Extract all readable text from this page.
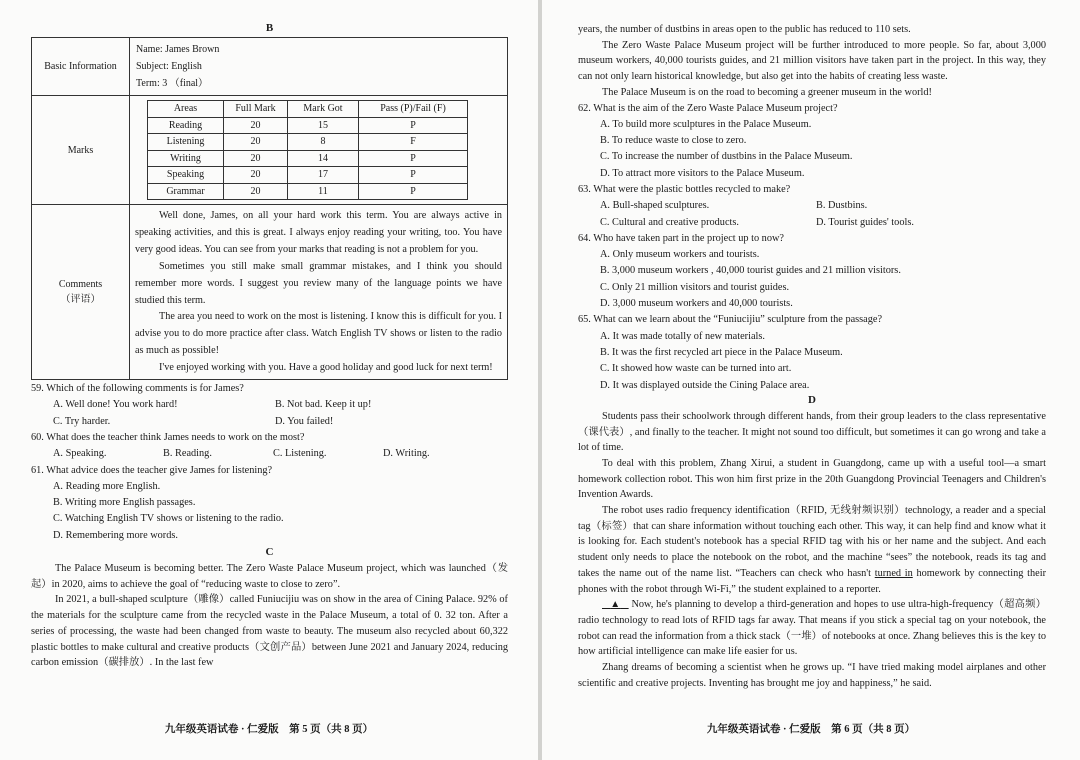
B
Basic Information	
Name: James Brown
Subject: English
Term: 3 （final）

Marks	
Areas	Full Mark	Mark Got	Pass (P)/Fail (F)
Reading	20	15	P
Listening	20	8	F
Writing	20	14	P
Speaking	20	17	P
Grammar	20	11	P

Comments
（评语）

Well done, James, on all your hard work this term. You are always active in speaking activities, and this is great. I always enjoy reading your writing, too. You have very good ideas. You can see from your marks that reading is not a problem for you.

Sometimes you still make small grammar mistakes, and I think you should remember more words. I suggest you review many of the language points we have studied this term.

The area you need to work on the most is listening. I know this is difficult for you. I advise you to do more practice after class. Watch English TV shows or listen to the radio as much as possible!

I've enjoyed working with you. Have a good holiday and good luck for next term!

59. Which of the following comments is for James?
A. Well done! You work hard!	B. Not bad. Keep it up!
C. Try harder.	D. You failed!
60. What does the teacher think James needs to work on the most?
A. Speaking.	B. Reading.	C. Listening.	D. Writing.
61. What advice does the teacher give James for listening?
A. Reading more English.
B. Writing more English passages.
C. Watching English TV shows or listening to the radio.
D. Remembering more words.
C

The Palace Museum is becoming better. The Zero Waste Palace Museum project, which was launched（发起）in 2020, aims to achieve the goal of “reducing waste to close to zero”.

In 2021, a bull-shaped sculpture（雕像）called Funiucijiu was on show in the area of Cining Palace. 92% of the materials for the sculpture came from the recycled waste in the Palace Museum, a total of 0. 32 ton. After a series of processing, the waste had been changed from waste to beauty. The museum also recycled about 60,322 plastic bottles to make cultural and creative products（文创产品）between June 2021 and January 2024, reducing carbon emission（碳排放）. In the last few

九年级英语试卷 · 仁爱版　第 5 页（共 8 页）

years, the number of dustbins in areas open to the public has reduced to 110 sets.

The Zero Waste Palace Museum project will be further introduced to more people. So far, about 3,000 museum workers, 40,000 tourists guides, and 21 million visitors have taken part in the project. In this way, they can not only learn historical knowledge, but also get into the habits of creating less waste.

The Palace Museum is on the road to becoming a greener museum in the world!

62. What is the aim of the Zero Waste Palace Museum project?
A. To build more sculptures in the Palace Museum.
B. To reduce waste to close to zero.
C. To increase the number of dustbins in the Palace Museum.
D. To attract more visitors to the Palace Museum.
63. What were the plastic bottles recycled to make?
A. Bull-shaped sculptures.	B. Dustbins.
C. Cultural and creative products.	D. Tourist guides' tools.
64. Who have taken part in the project up to now?
A. Only museum workers and tourists.
B. 3,000 museum workers , 40,000 tourist guides and 21 million visitors.
C. Only 21 million visitors and tourist guides.
D. 3,000 museum workers and 40,000 tourists.
65. What can we learn about the “Funiucijiu” sculpture from the passage?
A. It was made totally of new materials.
B. It was the first recycled art piece in the Palace Museum.
C. It showed how waste can be turned into art.
D. It was displayed outside the Cining Palace area.
D

Students pass their schoolwork through different hands, from their group leaders to the class representative（课代表）, and finally to the teacher. It might not sound too difficult, but sometimes it can go wrong and take a lot of time.

To deal with this problem, Zhang Xirui, a student in Guangdong, came up with a useful tool—a smart homework collection robot. This won him first prize in the 20th Guangdong Provincial Teenagers and Children's Invention Awards.

The robot uses radio frequency identification（RFID, 无线射频识别）technology, a reader and a special tag（标签）that can share information without touching each other. This way, it can help find and know what it is looking for. Each student's notebook has a special RFID tag with his or her name and the subject. And each student only needs to place the notebook on the robot, and the machine “sees” the notebook, reads its tag and takes the name out of the name list. “Teachers can check who hasn't turned in homework by connecting their phones with the robot through Wi-Fi,” the student explained to a reporter.

▲    Now, he's planning to develop a third-generation and hopes to use ultra-high-frequency（超高频）radio technology to read lots of RFID tags far away. That means if you stick a special tag on your notebook, the robot can read the information from a thick stack（一堆）of notebooks at once. Zhang believes this is the key to how artificial intelligence can make life easier for us.

Zhang dreams of becoming a scientist when he grows up. “I have tried making model airplanes and other scientific and creative projects. Inventing has brought me joy and happiness,” he said.

九年级英语试卷 · 仁爱版　第 6 页（共 8 页）
